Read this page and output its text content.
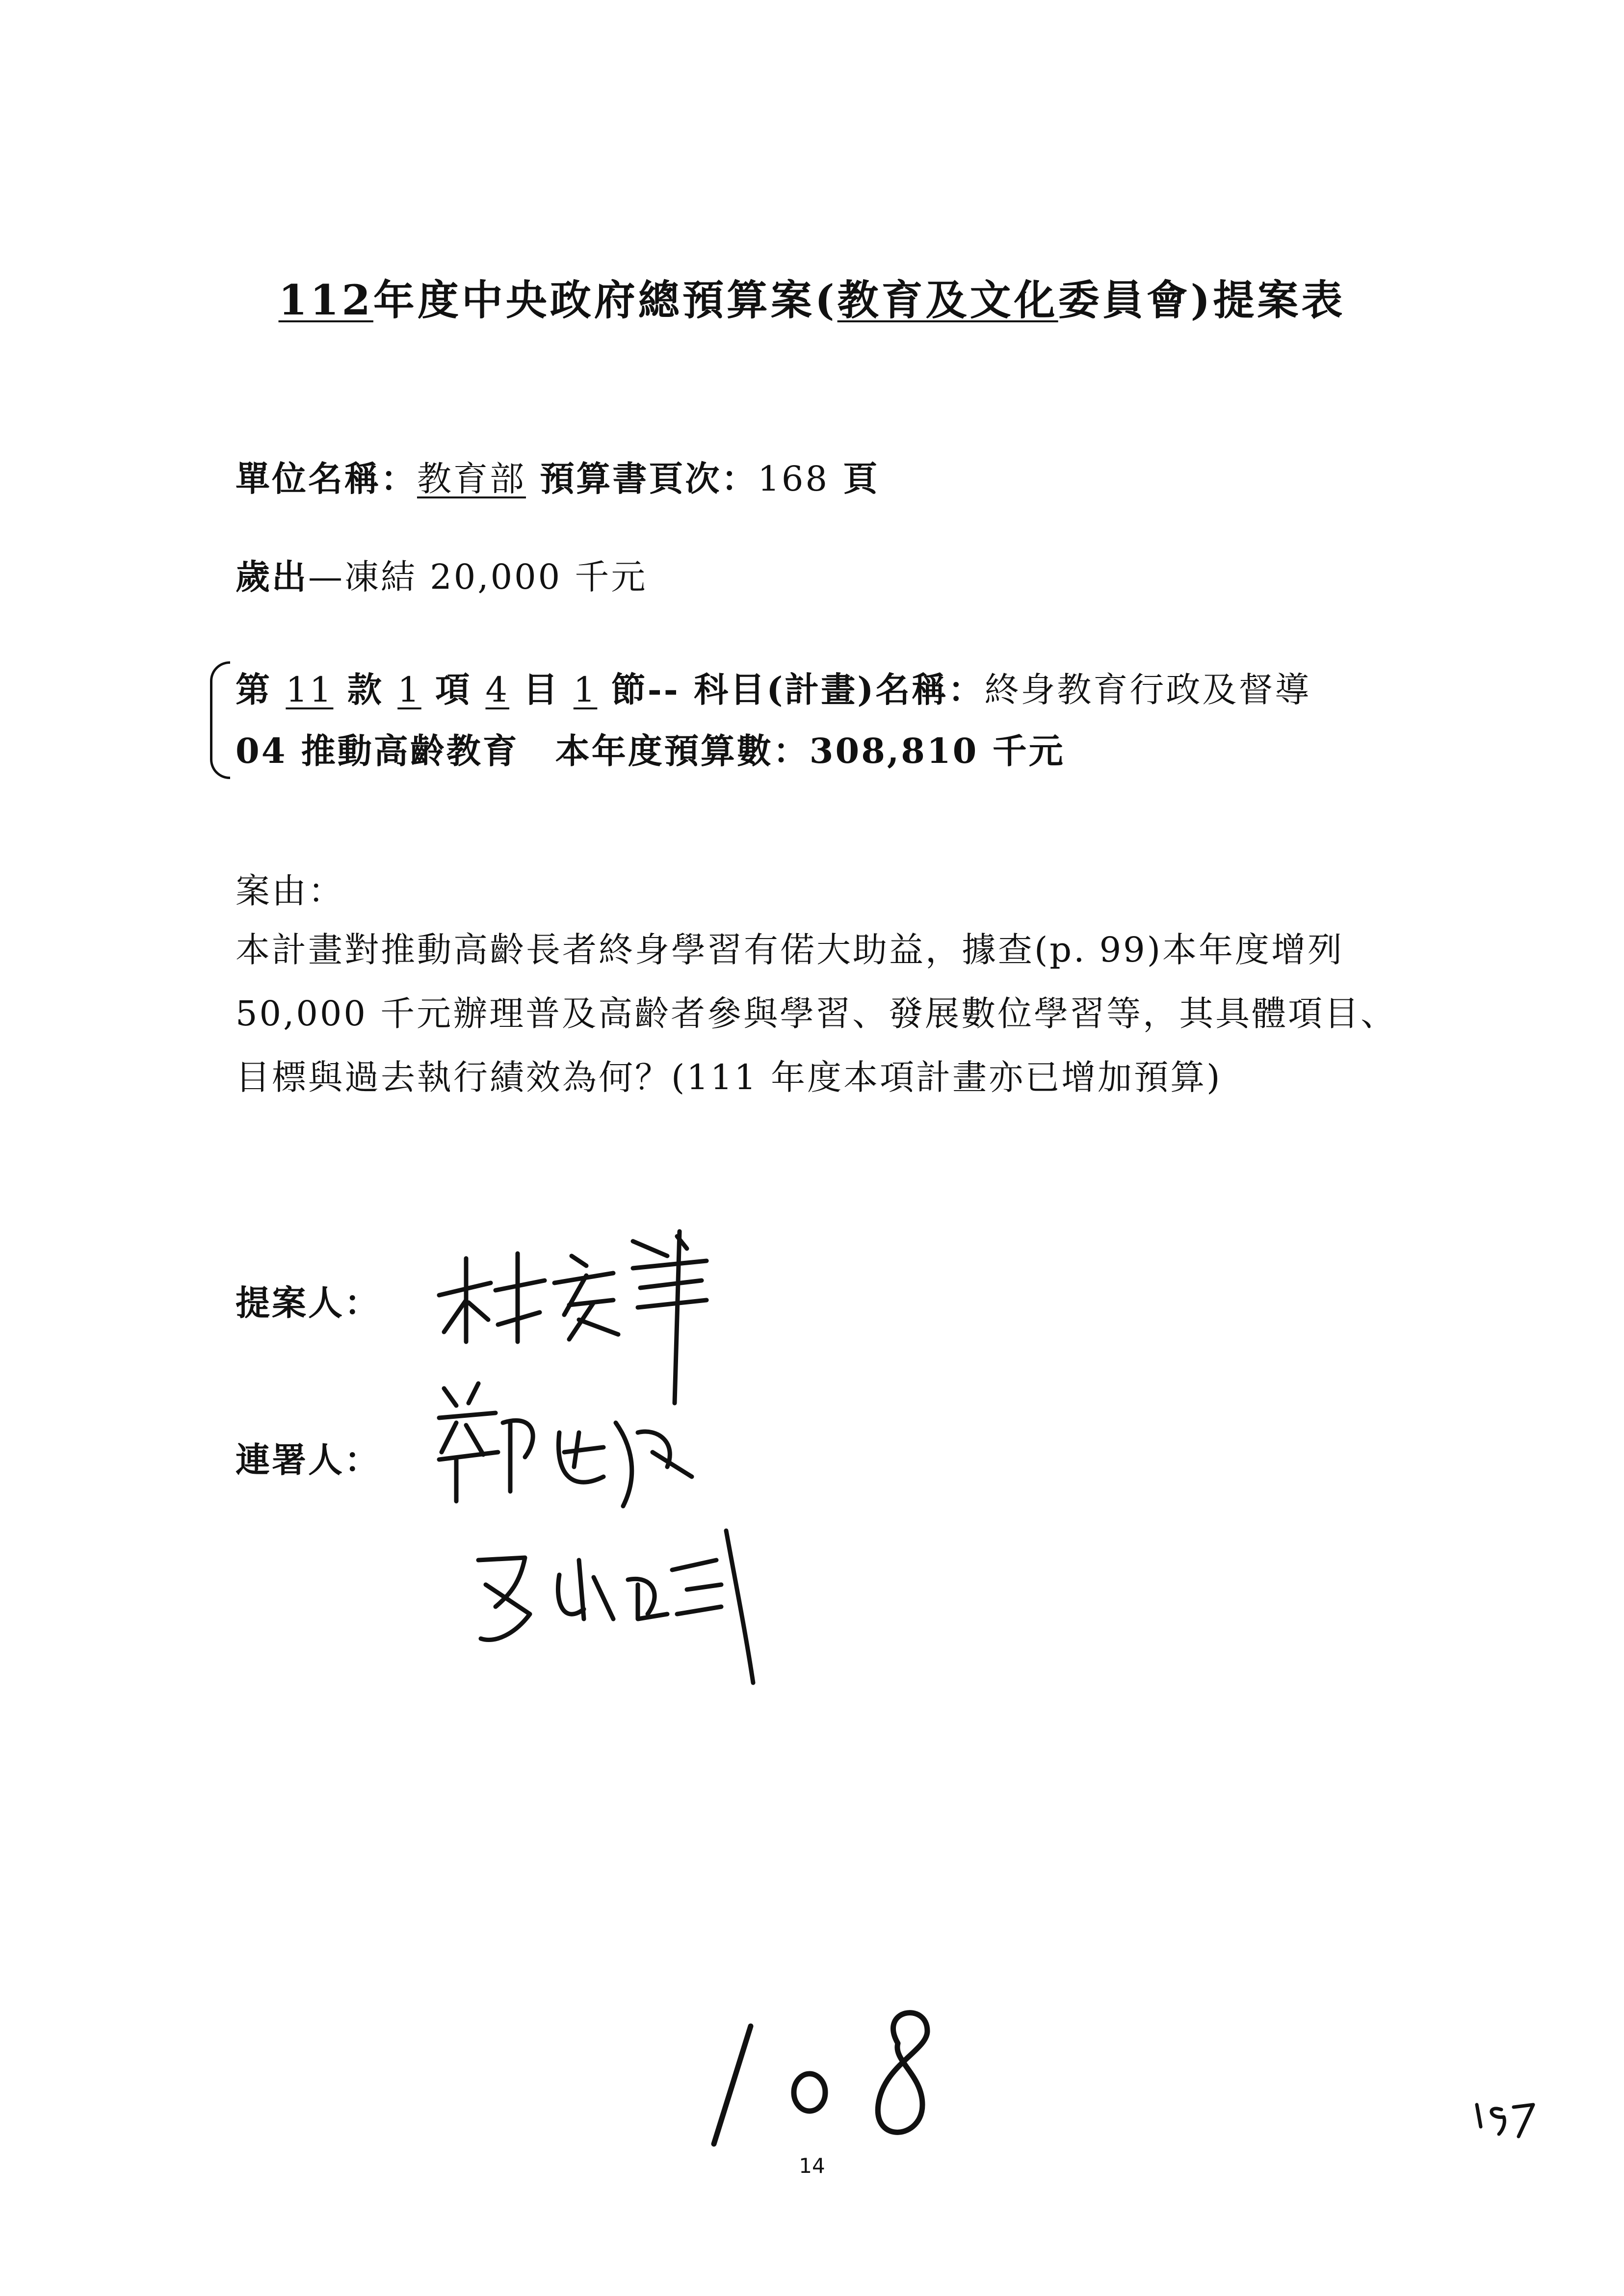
112年度中央政府總預算案(教育及文化委員會)提案表
單位名稱：教育部 預算書頁次：168 頁
歲出—凍結 20,000 千元
第 11 款 1 項 4 目 1 節-- 科目(計畫)名稱：終身教育行政及督導
04 推動高齡教育　本年度預算數：308,810 千元
案由：
本計畫對推動高齡長者終身學習有偌大助益，據查(p. 99)本年度增列
50,000 千元辦理普及高齡者參與學習、發展數位學習等，其具體項目、
目標與過去執行績效為何？(111 年度本項計畫亦已增加預算)
提案人：
連署人：
14
